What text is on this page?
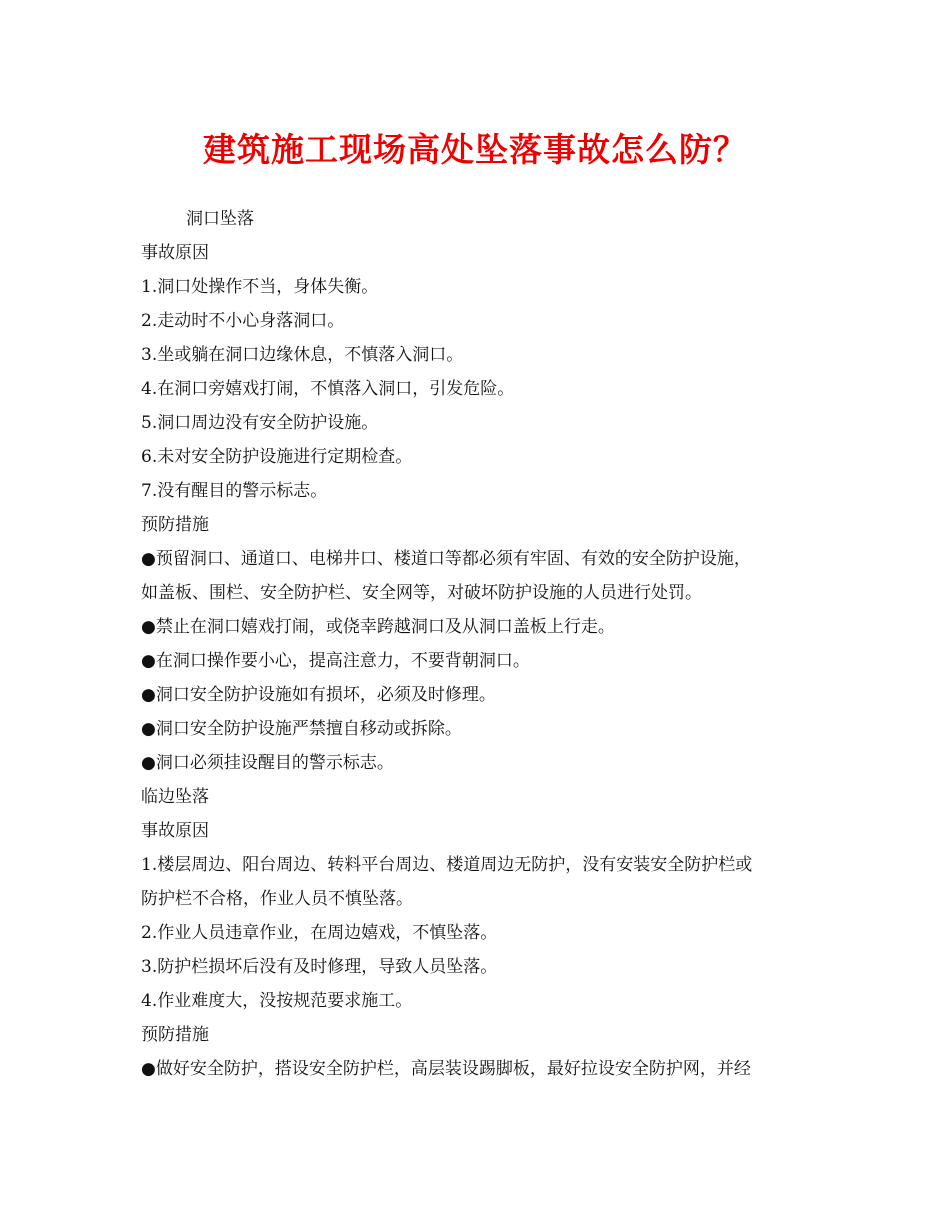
建筑施工现场高处坠落事故怎么防？

洞口坠落

事故原因

1.洞口处操作不当，身体失衡。

2.走动时不小心身落洞口。

3.坐或躺在洞口边缘休息，不慎落入洞口。

4.在洞口旁嬉戏打闹，不慎落入洞口，引发危险。

5.洞口周边没有安全防护设施。

6.未对安全防护设施进行定期检查。

7.没有醒目的警示标志。

预防措施

●预留洞口、通道口、电梯井口、楼道口等都必须有牢固、有效的安全防护设施，

如盖板、围栏、安全防护栏、安全网等，对破坏防护设施的人员进行处罚。

●禁止在洞口嬉戏打闹，或侥幸跨越洞口及从洞口盖板上行走。

●在洞口操作要小心，提高注意力，不要背朝洞口。

●洞口安全防护设施如有损坏，必须及时修理。

●洞口安全防护设施严禁擅自移动或拆除。

●洞口必须挂设醒目的警示标志。

临边坠落

事故原因

1.楼层周边、阳台周边、转料平台周边、楼道周边无防护，没有安装安全防护栏或

防护栏不合格，作业人员不慎坠落。

2.作业人员违章作业，在周边嬉戏，不慎坠落。

3.防护栏损坏后没有及时修理，导致人员坠落。

4.作业难度大，没按规范要求施工。

预防措施

●做好安全防护，搭设安全防护栏，高层装设踢脚板，最好拉设安全防护网，并经
